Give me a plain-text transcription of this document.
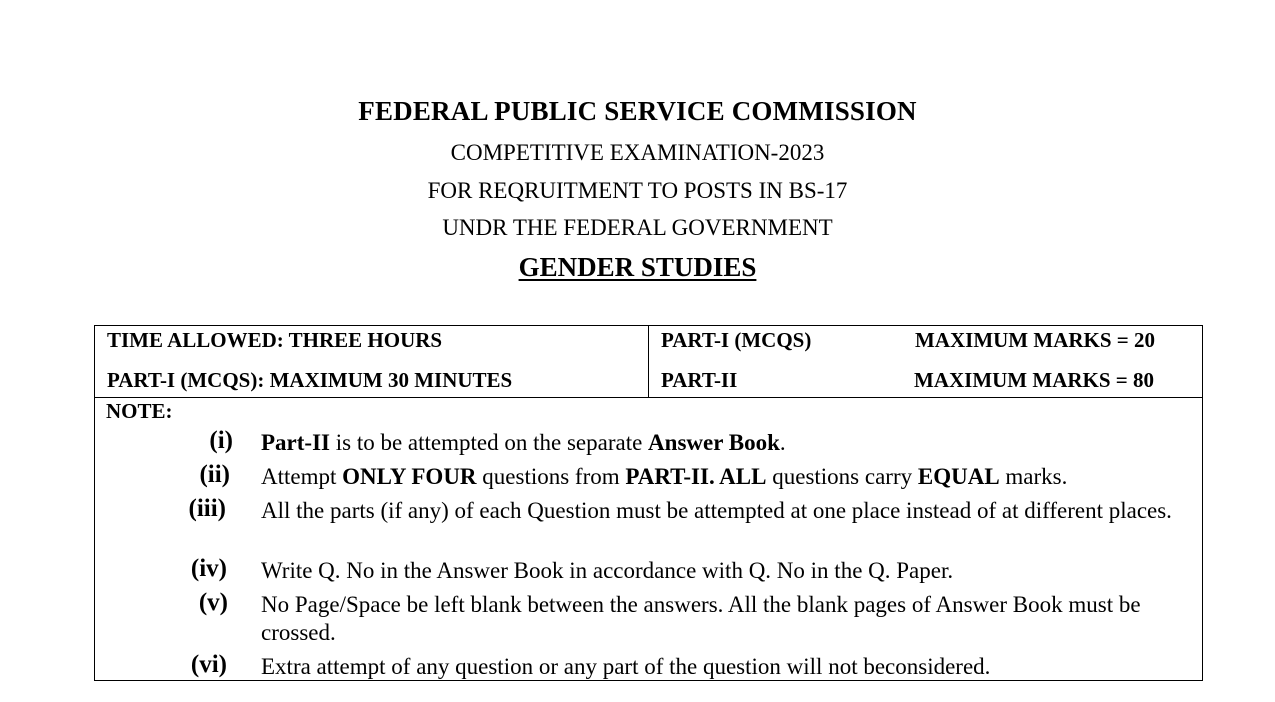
FEDERAL PUBLIC SERVICE COMMISSION
COMPETITIVE EXAMINATION-2023
FOR REQRUITMENT TO POSTS IN BS-17
UNDR THE FEDERAL GOVERNMENT
GENDER STUDIES
TIME ALLOWED: THREE HOURS
PART-I (MCQS): MAXIMUM 30 MINUTES
PART-I (MCQS)	MAXIMUM MARKS = 20
PART-II	MAXIMUM MARKS = 80
NOTE:
(i) Part-II is to be attempted on the separate Answer Book.
(ii) Attempt ONLY FOUR questions from PART-II. ALL questions carry EQUAL marks.
(iii) All the parts (if any) of each Question must be attempted at one place instead of at different places.
(iv) Write Q. No in the Answer Book in accordance with Q. No in the Q. Paper.
(v) No Page/Space be left blank between the answers. All the blank pages of Answer Book must be crossed.
(vi) Extra attempt of any question or any part of the question will not beconsidered.
